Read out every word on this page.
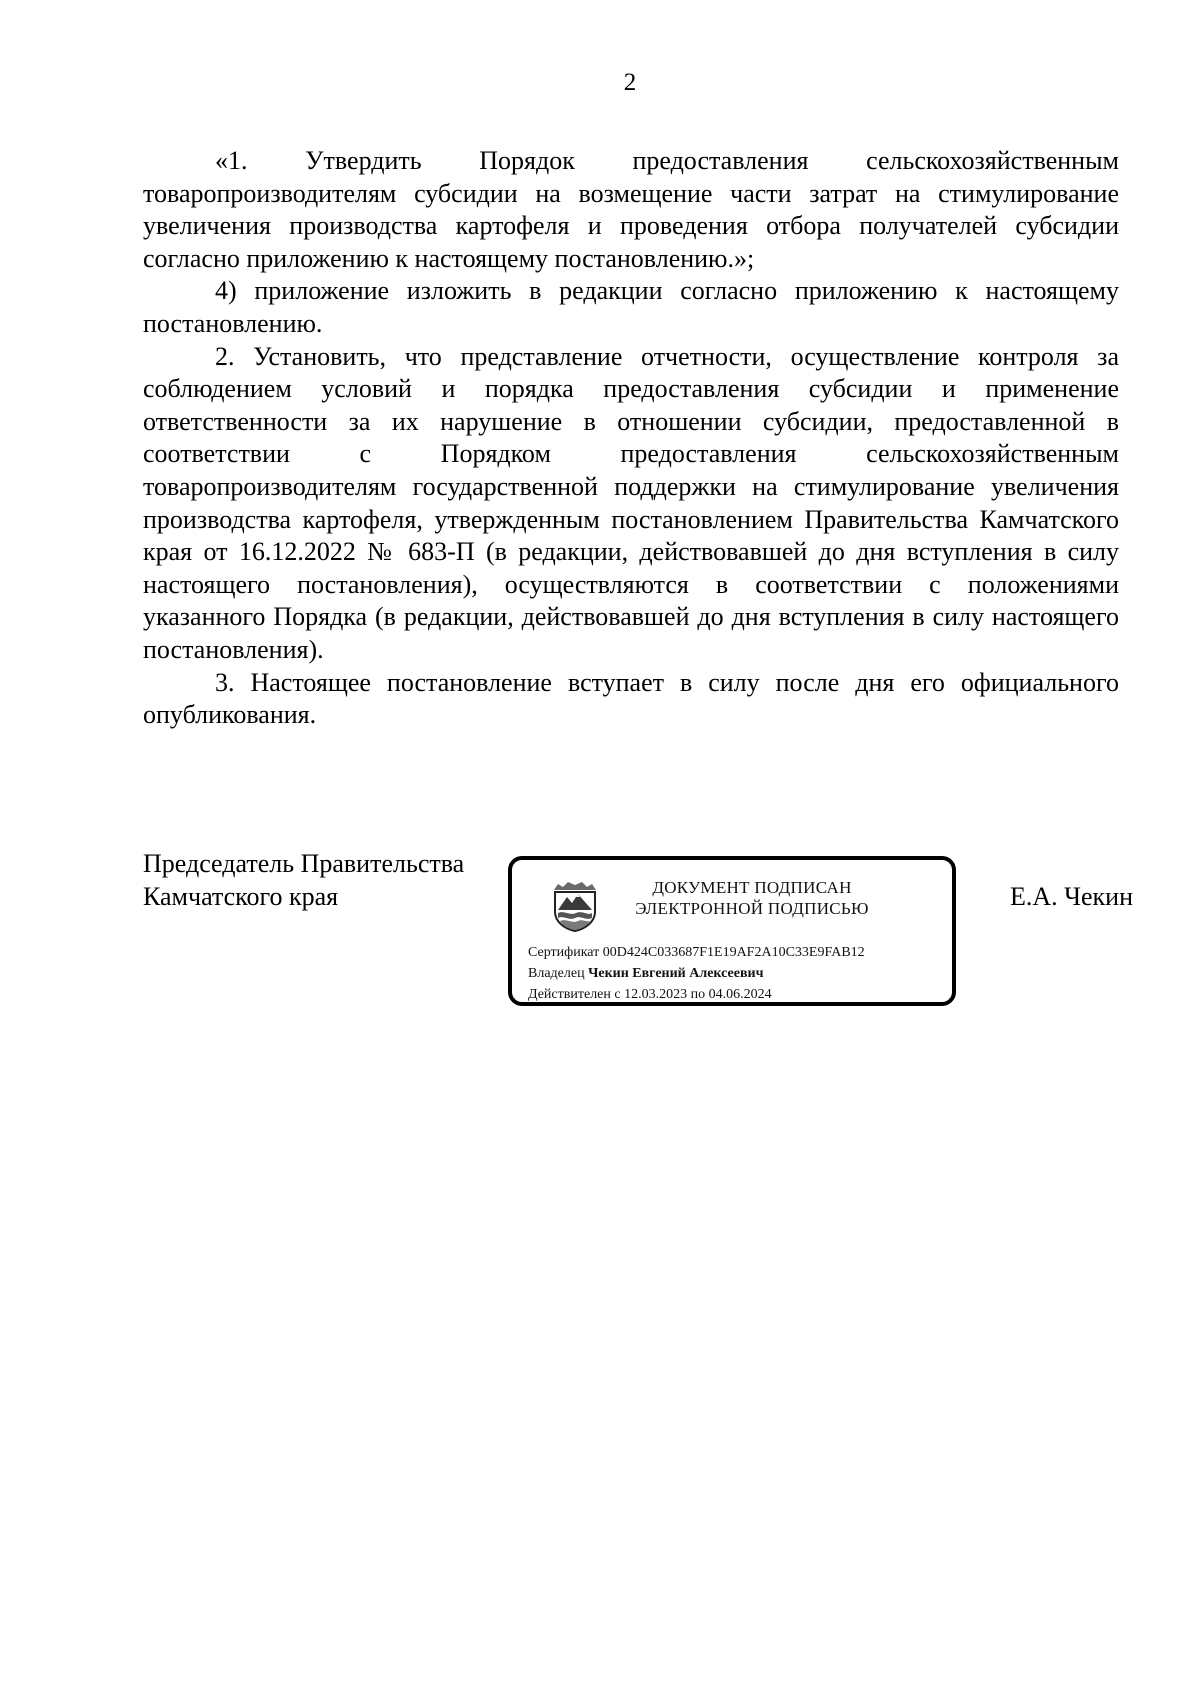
2

«1. Утвердить Порядок предоставления сельскохозяйственным товаропроизводителям субсидии на возмещение части затрат на стимулирование увеличения производства картофеля и проведения отбора получателей субсидии согласно приложению к настоящему постановлению.»;

4) приложение изложить в редакции согласно приложению к настоящему постановлению.

2. Установить, что представление отчетности, осуществление контроля за соблюдением условий и порядка предоставления субсидии и применение ответственности за их нарушение в отношении субсидии, предоставленной в соответствии с Порядком предоставления сельскохозяйственным товаропроизводителям государственной поддержки на стимулирование увеличения производства картофеля, утвержденным постановлением Правительства Камчатского края от 16.12.2022 № 683-П (в редакции, действовавшей до дня вступления в силу настоящего постановления), осуществляются в соответствии с положениями указанного Порядка (в редакции, действовавшей до дня вступления в силу настоящего постановления).

3. Настоящее постановление вступает в силу после дня его официального опубликования.

Председатель Правительства
Камчатского края	ДОКУМЕНТ ПОДПИСАН
ЭЛЕКТРОННОЙ ПОДПИСЬЮ
Сертификат 00D424C033687F1E19AF2A10C33E9FAB12
Владелец Чекин Евгений Алексеевич
Действителен с 12.03.2023 по 04.06.2024
Е.А. Чекин
